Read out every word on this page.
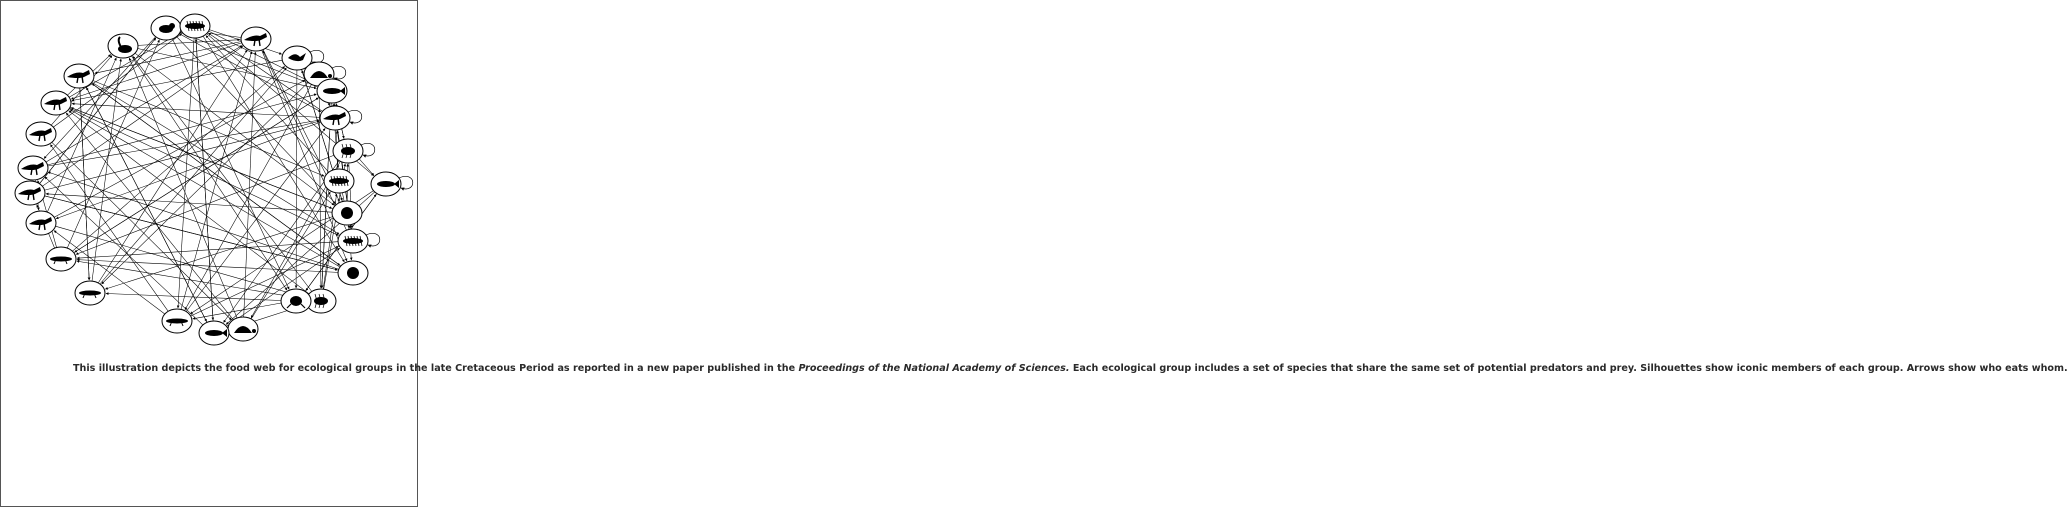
This illustration depicts the food web for ecological groups in the late Cretaceous Period as reported in a new paper published in the Proceedings of the National Academy of Sciences. Each ecological group includes a set of species that share the same set of potential predators and prey. Silhouettes show iconic members of each group. Arrows show who eats whom.
